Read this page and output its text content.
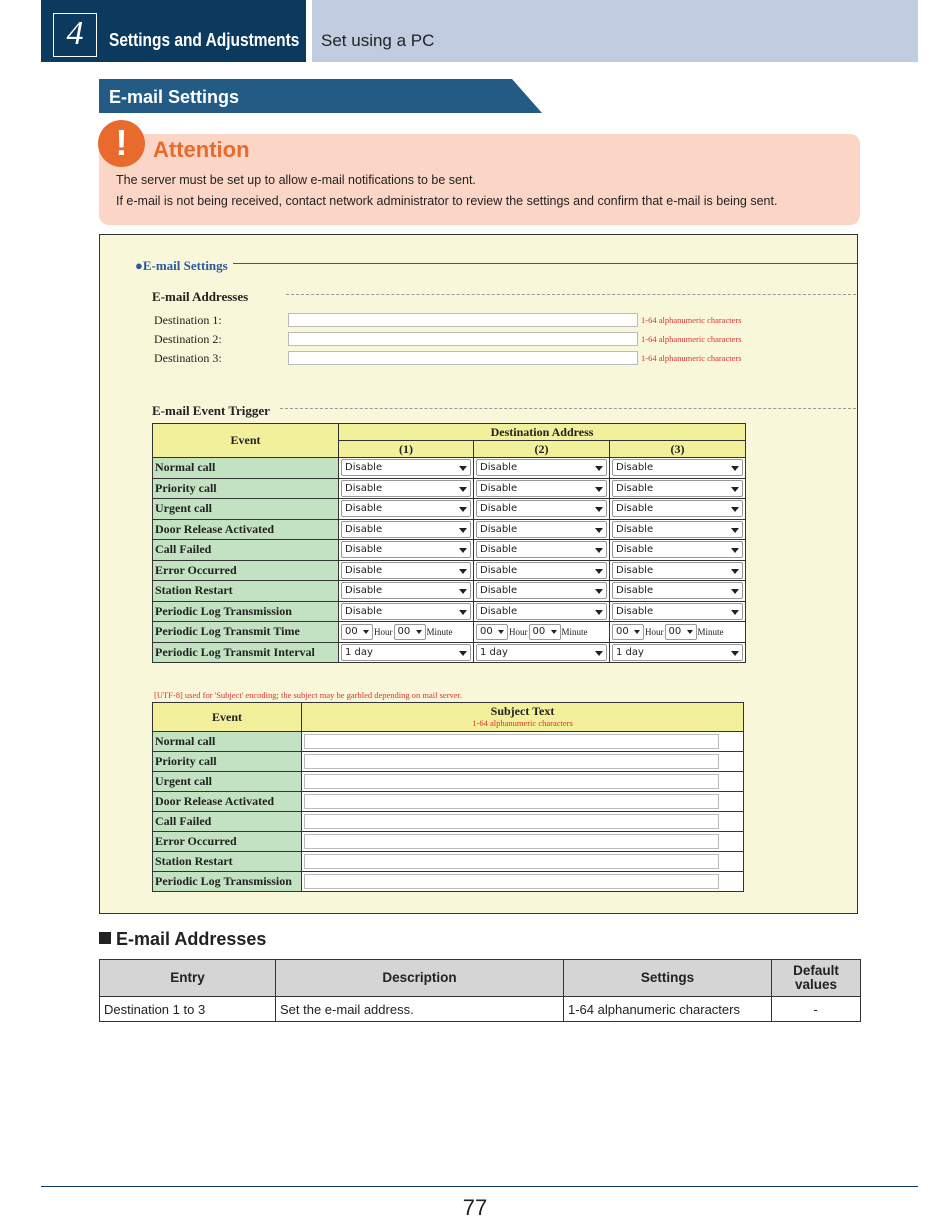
4	Settings and Adjustments Set using a PC
E-mail Settings
!	Attention
The server must be set up to allow e-mail notifications to be sent.
If e-mail is not being received, contact network administrator to review the settings and confirm that e-mail is being sent.
●E-mail Settings
E-mail Addresses
Destination 1:	1-64 alphanumeric characters
Destination 2:	1-64 alphanumeric characters
Destination 3:	1-64 alphanumeric characters
E-mail Event Trigger
Event	Destination Address		
	(1)	(2)	(3)
Normal call	Disable	Disable	Disable

Priority call	Disable	Disable	Disable

Urgent call	Disable	Disable	Disable

Door Release Activated	Disable	Disable	Disable

Call Failed	Disable	Disable	Disable

Error Occurred	Disable	Disable	Disable

Station Restart	Disable	Disable	Disable

Periodic Log Transmission	Disable	Disable	Disable

Periodic Log Transmit Time	00 Hour 00 Minute	00 Hour 00 Minute	00 Hour 00 Minute
Periodic Log Transmit Interval	1 day	1 day	1 day
[UTF-8] used for 'Subject' encoding; the subject may be garbled depending on mail server.
Event	Subject Text
1-64 alphanumeric characters

Normal call	

Priority call	

Urgent call	

Door Release Activated	

Call Failed	

Error Occurred	

Station Restart	

Periodic Log Transmission	
E-mail Addresses
Entry	Description	Settings	Default values
Destination 1 to 3	Set the e-mail address.	1-64 alphanumeric characters	-
77
